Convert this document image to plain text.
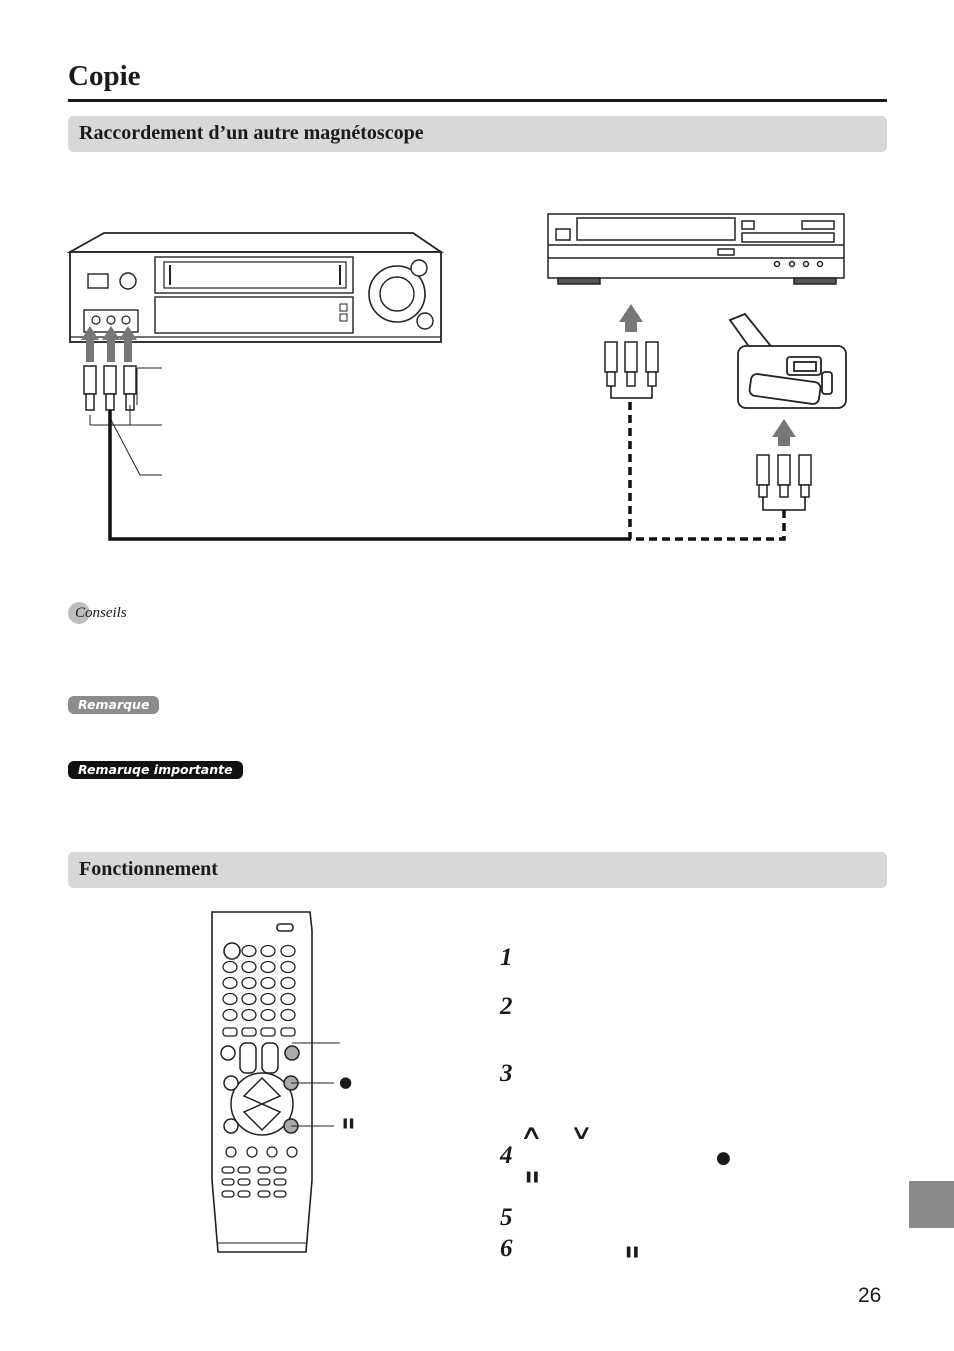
Copie
Raccordement d’un autre magnétoscope
Conseils
Remarque
Remaruqe importante
Fonctionnement
●
❚❚
1
2
3
4
5
6
∧ ∨
●
❚❚
❚❚
26
